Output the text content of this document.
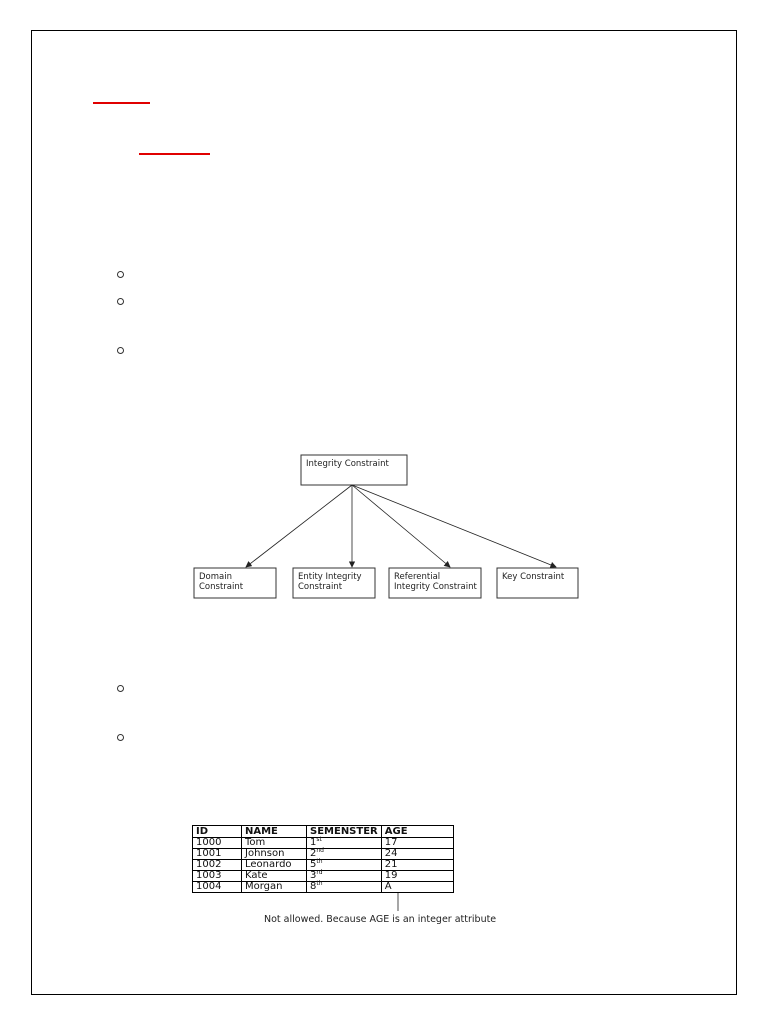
Integrity Constraint
Domain
Constraint
Entity Integrity
Constraint
Referential
Integrity Constraint
Key Constraint
ID	NAME	SEMENSTER	AGE
1000	Tom	1st	17
1001	Johnson	2nd	24
1002	Leonardo	5th	21
1003	Kate	3rd	19
1004	Morgan	8th	A
Not allowed. Because AGE is an integer attribute
